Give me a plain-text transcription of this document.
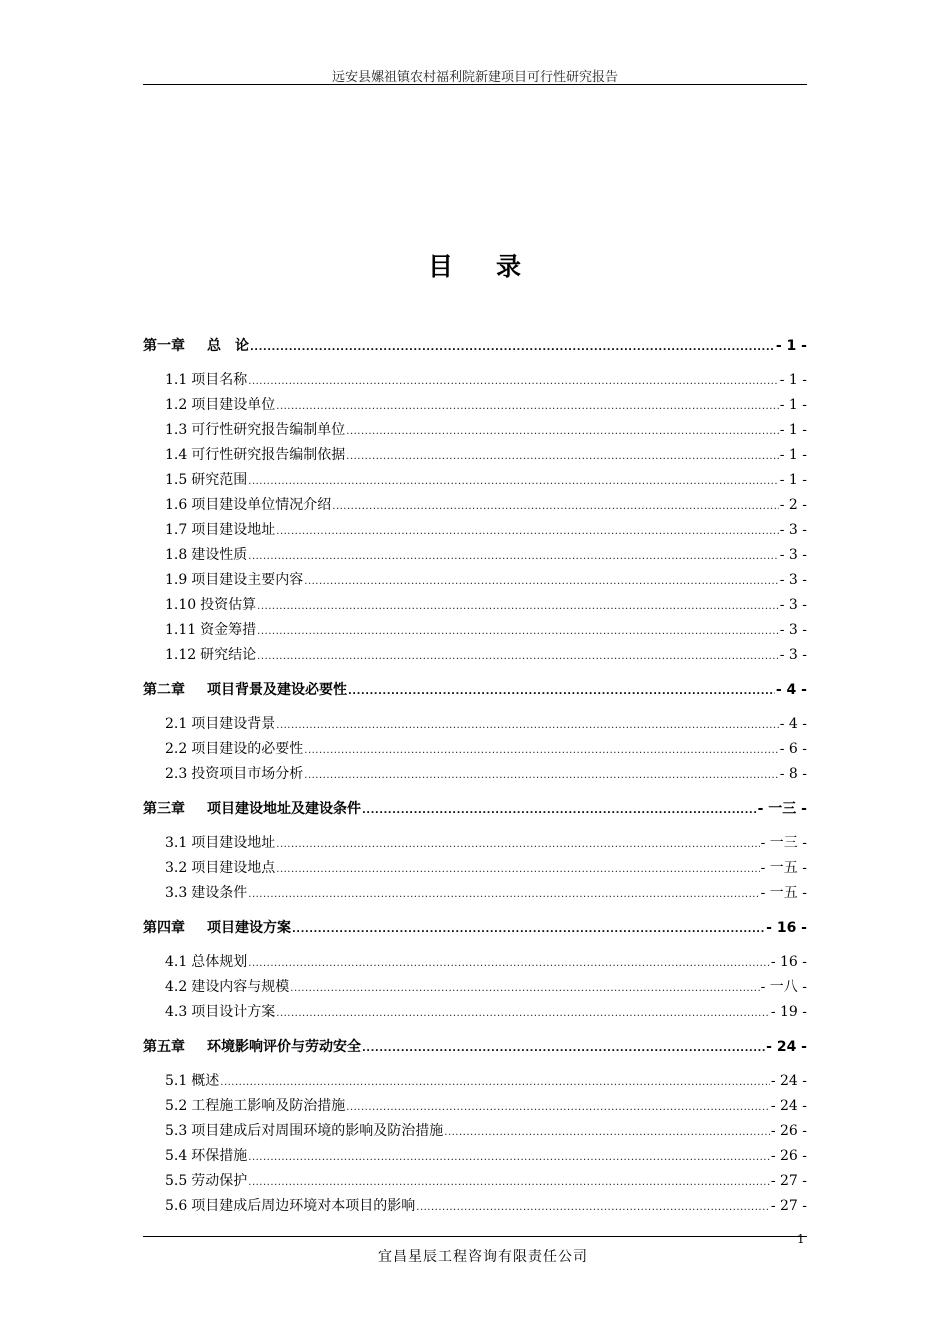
远安县嫘祖镇农村福利院新建项目可行性研究报告
目 录
第一章 总　论 .....	- 1 -
1.1 项目名称 .....	- 1 -
1.2 项目建设单位 .....	- 1 -
1.3 可行性研究报告编制单位 .....	- 1 -
1.4 可行性研究报告编制依据 .....	- 1 -
1.5 研究范围 .....	- 1 -
1.6 项目建设单位情况介绍 .....	- 2 -
1.7 项目建设地址 .....	- 3 -
1.8 建设性质 .....	- 3 -
1.9 项目建设主要内容 .....	- 3 -
1.10 投资估算 .....	- 3 -
1.11 资金筹措 .....	- 3 -
1.12 研究结论 .....	- 3 -
第二章 项目背景及建设必要性 .....	- 4 -
2.1 项目建设背景 .....	- 4 -
2.2 项目建设的必要性 .....	- 6 -
2.3 投资项目市场分析 .....	- 8 -
第三章 项目建设地址及建设条件 .....	- 一三 -
3.1 项目建设地址 .....	- 一三 -
3.2 项目建设地点 .....	- 一五 -
3.3 建设条件 .....	- 一五 -
第四章 项目建设方案 .....	- 16 -
4.1 总体规划 .....	- 16 -
4.2 建设内容与规模 .....	- 一八 -
4.3 项目设计方案 .....	- 19 -
第五章 环境影响评价与劳动安全 .....	- 24 -
5.1 概述 .....	- 24 -
5.2 工程施工影响及防治措施 .....	- 24 -
5.3 项目建成后对周围环境的影响及防治措施 .....	- 26 -
5.4 环保措施 .....	- 26 -
5.5 劳动保护 .....	- 27 -
5.6 项目建成后周边环境对本项目的影响 .....	- 27 -
1
宜昌星辰工程咨询有限责任公司
